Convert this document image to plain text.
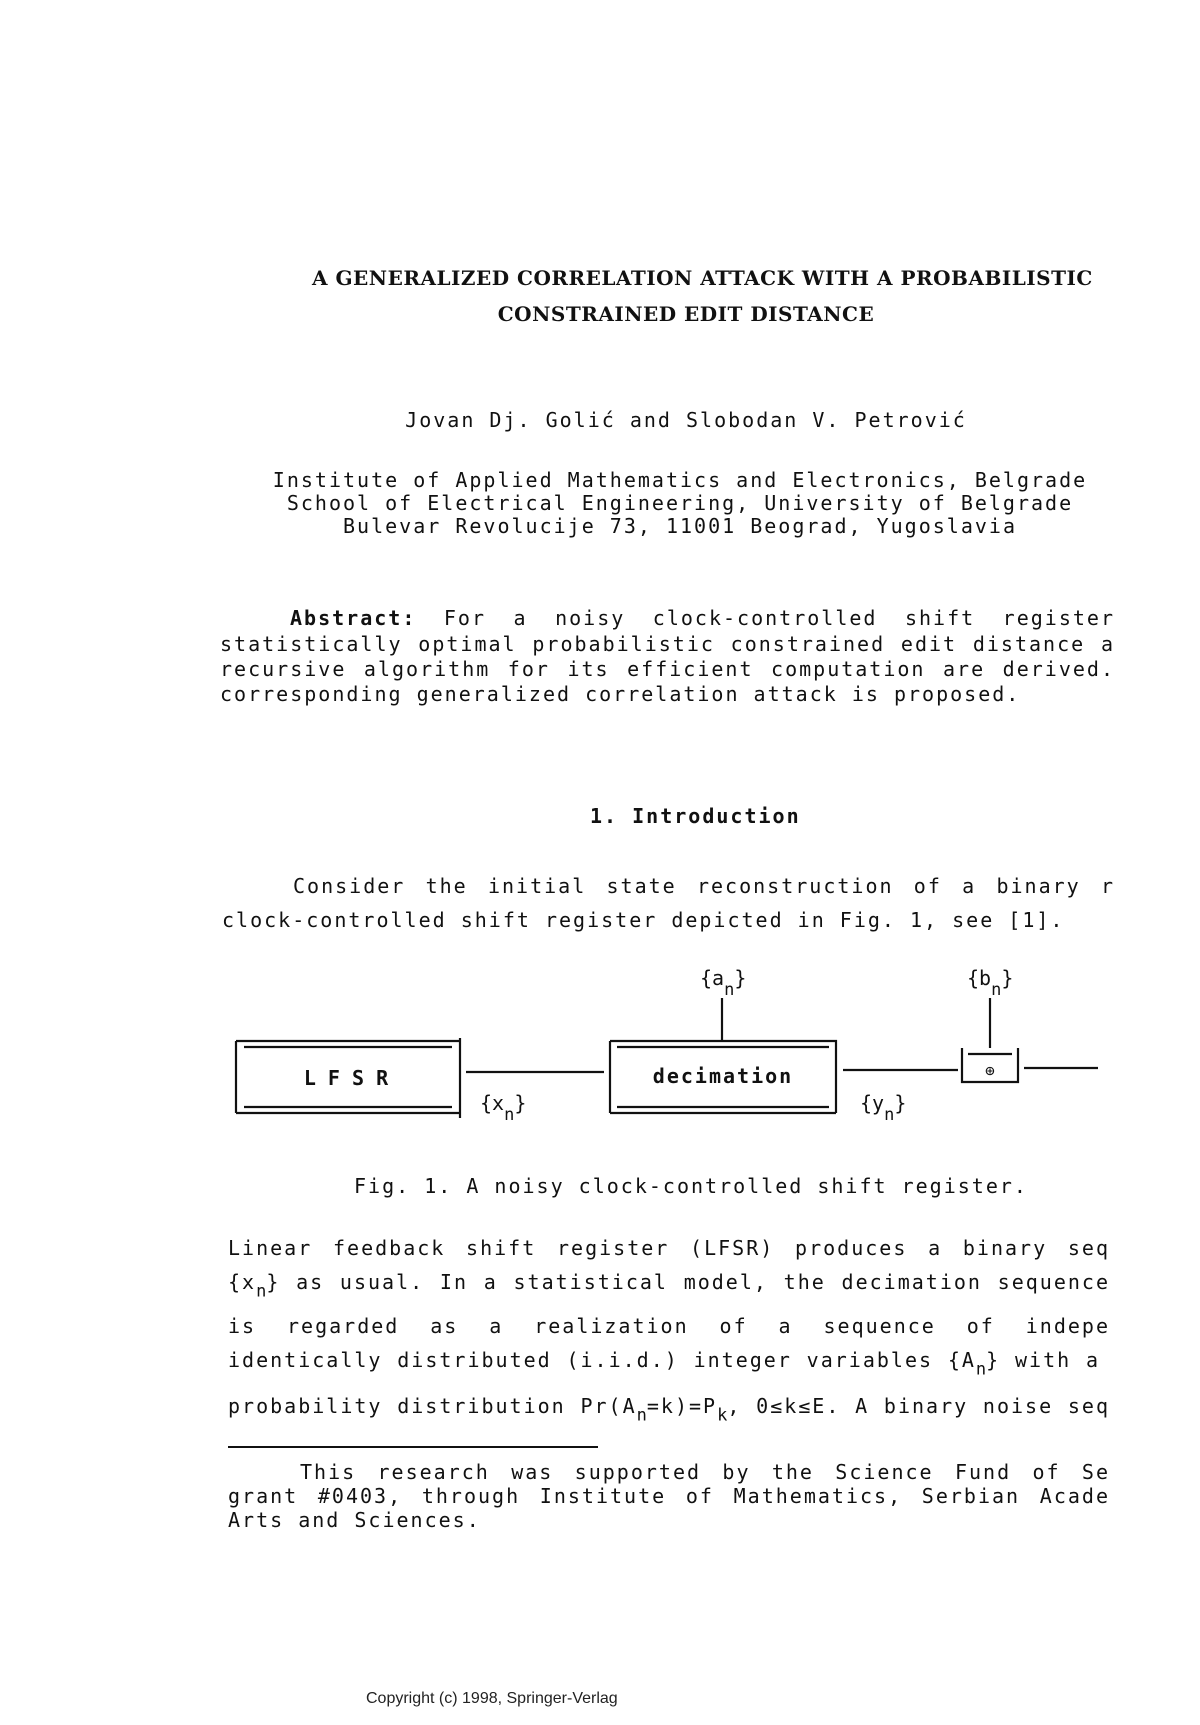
A GENERALIZED CORRELATION ATTACK WITH A PROBABILISTIC
CONSTRAINED EDIT DISTANCE
Jovan Dj. Golić and Slobodan V. Petrović
Institute of Applied Mathematics and Electronics, Belgrade
School of Electrical Engineering, University of Belgrade
Bulevar Revolucije 73, 11001 Beograd, Yugoslavia
Abstract: For a noisy clock-controlled shift register
statistically optimal probabilistic constrained edit distance a
recursive algorithm for its efficient computation are derived.
corresponding generalized correlation attack is proposed.
1. Introduction
Consider the initial state reconstruction of a binary r
clock-controlled shift register depicted in Fig. 1, see [1].
L F S R	decimation	⊕
$\{a_n\}$	$\{b_n\}$
$\{x_n\}$	$\{y_n\}$
Fig. 1. A noisy clock-controlled shift register.
Linear feedback shift register (LFSR) produces a binary seq
$\{x_n\}$ as usual. In a statistical model, the decimation sequence
is regarded as a realization of a sequence of indepe
identically distributed (i.i.d.) integer variables $\{A_n\}$ with a
probability distribution $Pr(A_n=k)=P_k$, 0≤k≤E. A binary noise seq
This research was supported by the Science Fund of Se
grant #0403, through Institute of Mathematics, Serbian Acade
Arts and Sciences.
Copyright (c) 1998, Springer-Verlag
